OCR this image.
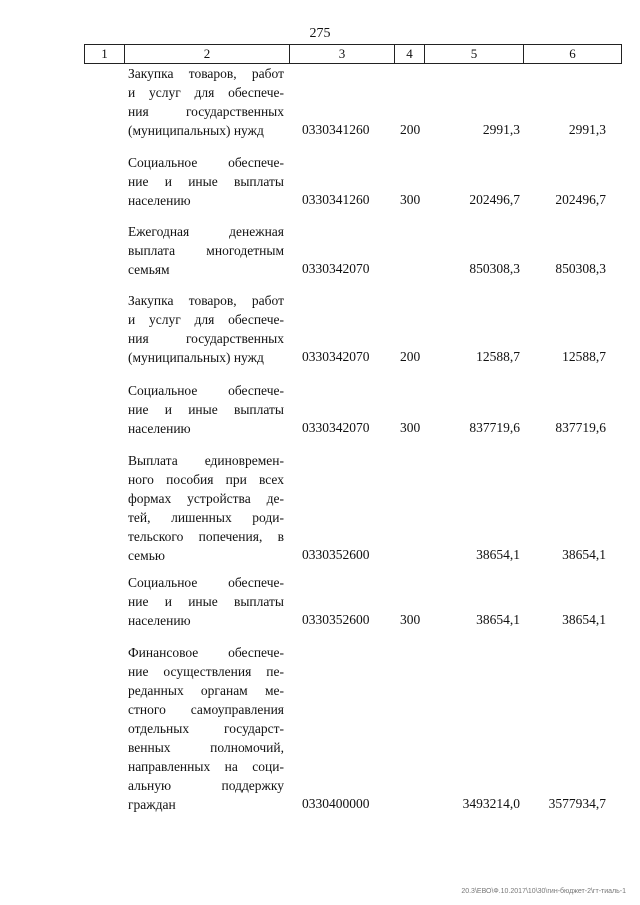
275
1	2	3	4	5	6
Закупка товаров, работ
и услуг для обеспече-
ния государственных
(муниципальных) нужд	0330341260 200	2991,3	2991,3
Социальное обеспече-
ние и иные выплаты
населению	0330341260 300	202496,7	202496,7
Ежегодная денежная
выплата многодетным
семьям	0330342070	850308,3	850308,3
Закупка товаров, работ
и услуг для обеспече-
ния государственных
(муниципальных) нужд	0330342070 200	12588,7	12588,7
Социальное обеспече-
ние и иные выплаты
населению	0330342070 300	837719,6	837719,6
Выплата единовремен-
ного пособия при всех
формах устройства де-
тей, лишенных роди-
тельского попечения, в
семью	0330352600	38654,1	38654,1
Социальное обеспече-
ние и иные выплаты
населению	0330352600 300	38654,1	38654,1
Финансовое обеспече-
ние осуществления пе-
реданных органам ме-
стного самоуправления
отдельных государст-
венных полномочий,
направленных на соци-
альную поддержку
граждан	0330400000	3493214,0 3577934,7
20.3\ЕВО\Ф.10.2017\10\30\гин-бюджет-2\гт-тиаль-1
